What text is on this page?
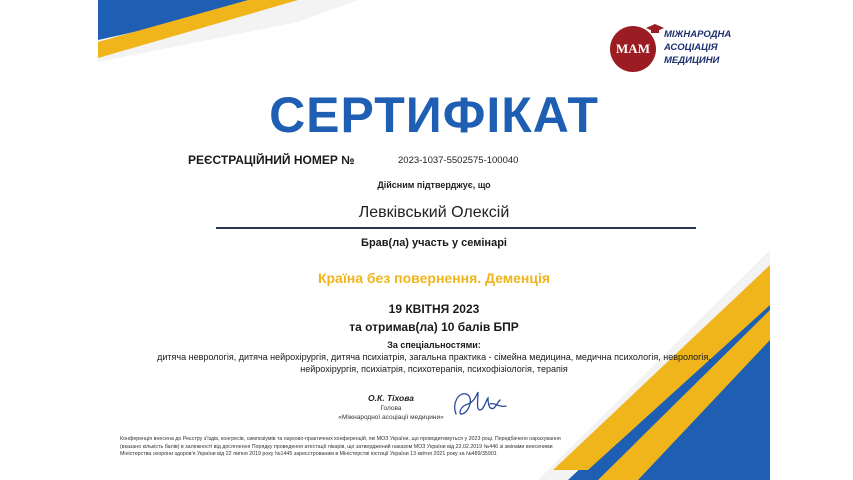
МАМ
МІЖНАРОДНА
АСОЦІАЦІЯ
МЕДИЦИНИ
СЕРТИФІКАТ
РЕЄСТРАЦІЙНИЙ НОМЕР №	2023-1037-5502575-100040
Дійсним підтверджує, що
Левківський Олексій
Брав(ла) участь у семінарі
Країна без повернення. Деменція
19 КВІТНЯ 2023
та отримав(ла) 10 балів БПР
За спеціальностями:
дитяча неврологія, дитяча нейрохірургія, дитяча психіатрія, загальна практика - сімейна медицина, медична психологія, неврологія,
нейрохірургія, психіатрія, психотерапія, психофізіологія, терапія
О.К. Тіхова
Голова
«Міжнародної асоціації медицини»
Конференція внесена до Реєстру з'їздів, конгресів, симпозіумів та науково-практичних конференцій, які МОЗ України, що проводитимуться у 2023 році. Передбачено нарахування
(вказано кількість балів) в залежності від досягнення Порядку проведення атестації лікарів, що затверджений наказом МОЗ України від 22.02.2019 №446 зі змінами внесеними
Міністерства охорони здоров'я України від 22 липня 2019 року №1445 зареєстрованим в Міністерстві юстиції України 13 квітня 2021 року за №489/35901
